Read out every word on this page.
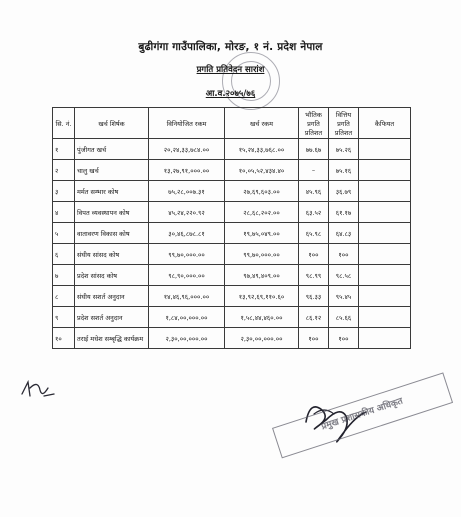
बुढीगंगा गाउँपालिका, मोरङ, १ नं. प्रदेश नेपाल
प्रगति प्रतिवेदन सारांश
आ.व.२०७५/७६
सि. नं.	खर्च शिर्षक	विनियोजित रकम	खर्च रकम	भौतिक प्रगति प्रतिशत	वित्तिय प्रगति प्रतिशत	कैफियत
१	पुंजीगत खर्च	२०,२४,३३,७८४.००	१५,२४,३३,७६८.००	७७.६७	७५.२६	
२	चालु खर्च	१३,२७,९१,०००.००	१०,०५,५२,४३४.४०	–	७५.१६	
३	मर्मत सम्भार कोष	७५,२८,००७.३१	२७,६९,६०३.००	४५.९६	३६.७९	
४	विपत व्यवस्थापन कोष	४५,२४,२२०.९२	२८,६८,२०२.००	६३.५२	६१.१७	
५	वातावरण विकास कोष	३०,४६,८७८.८१	१९,७५,०४९.००	६५.९८	६४.८३	
६	संघीय सांसद कोष	९९,७०,०००.००	९९,७०,०००.००	१००	१००	
७	प्रदेश सांसद कोष	९८,९०,०००.००	९७,४९,४०९.००	९८.९९	९८.५८	
८	संघीय सशर्त अनुदान	१४,४६,९६,०००.००	१३,९२,६९,११०.६०	९६.३३	९५.४५	
९	प्रदेश सशर्त अनुदान	१,८४,००,०००.००	१,५८,४४,४६०.००	८६.१२	८५.६६	
१०	तराई मधेश सम्बृद्धि कार्यक्रम	२,३०,००,०००.००	२,३०,००,०००.००	१००	१००	
प्रमुख प्रशासकीय अधिकृत
